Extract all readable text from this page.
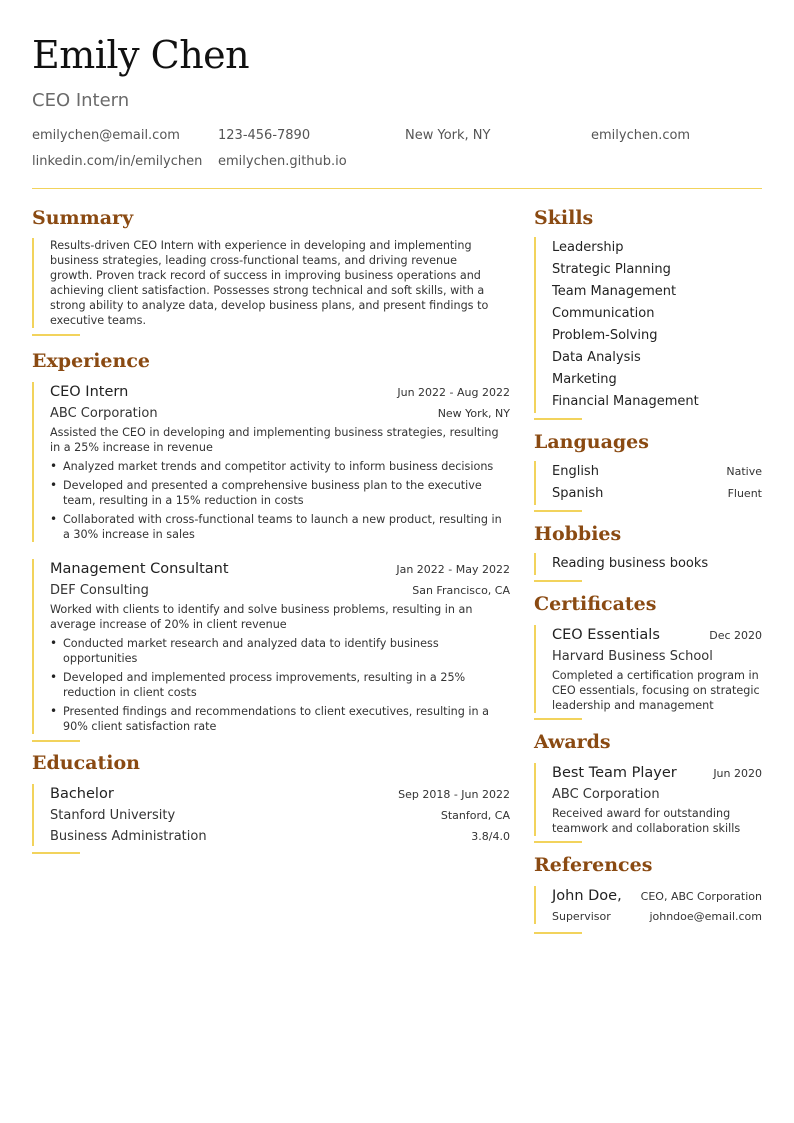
Emily Chen
CEO Intern
emilychen@email.com	123-456-7890	New York, NY	emilychen.com
linkedin.com/in/emilychen emilychen.github.io
Summary
Results-driven CEO Intern with experience in developing and implementing business strategies, leading cross-functional teams, and driving revenue growth. Proven track record of success in improving business operations and achieving client satisfaction. Possesses strong technical and soft skills, with a strong ability to analyze data, develop business plans, and present findings to executive teams.
Experience
CEO Intern	Jun 2022 - Aug 2022
ABC Corporation	New York, NY
Assisted the CEO in developing and implementing business strategies, resulting in a 25% increase in revenue
• Analyzed market trends and competitor activity to inform business decisions
• Developed and presented a comprehensive business plan to the executive team, resulting in a 15% reduction in costs
• Collaborated with cross-functional teams to launch a new product, resulting in a 30% increase in sales
Management Consultant	Jan 2022 - May 2022
DEF Consulting	San Francisco, CA
Worked with clients to identify and solve business problems, resulting in an average increase of 20% in client revenue
• Conducted market research and analyzed data to identify business opportunities
• Developed and implemented process improvements, resulting in a 25% reduction in client costs
• Presented findings and recommendations to client executives, resulting in a 90% client satisfaction rate
Education
Bachelor	Sep 2018 - Jun 2022
Stanford University	Stanford, CA
Business Administration	3.8/4.0
Skills
Leadership
Strategic Planning
Team Management
Communication
Problem-Solving
Data Analysis
Marketing
Financial Management
Languages
English	Native
Spanish	Fluent
Hobbies
Reading business books
Certificates
CEO Essentials	Dec 2020
Harvard Business School
Completed a certification program in CEO essentials, focusing on strategic leadership and management
Awards
Best Team Player	Jun 2020
ABC Corporation
Received award for outstanding teamwork and collaboration skills
References
John Doe, CEO, ABC Corporation
Supervisor	johndoe@email.com
